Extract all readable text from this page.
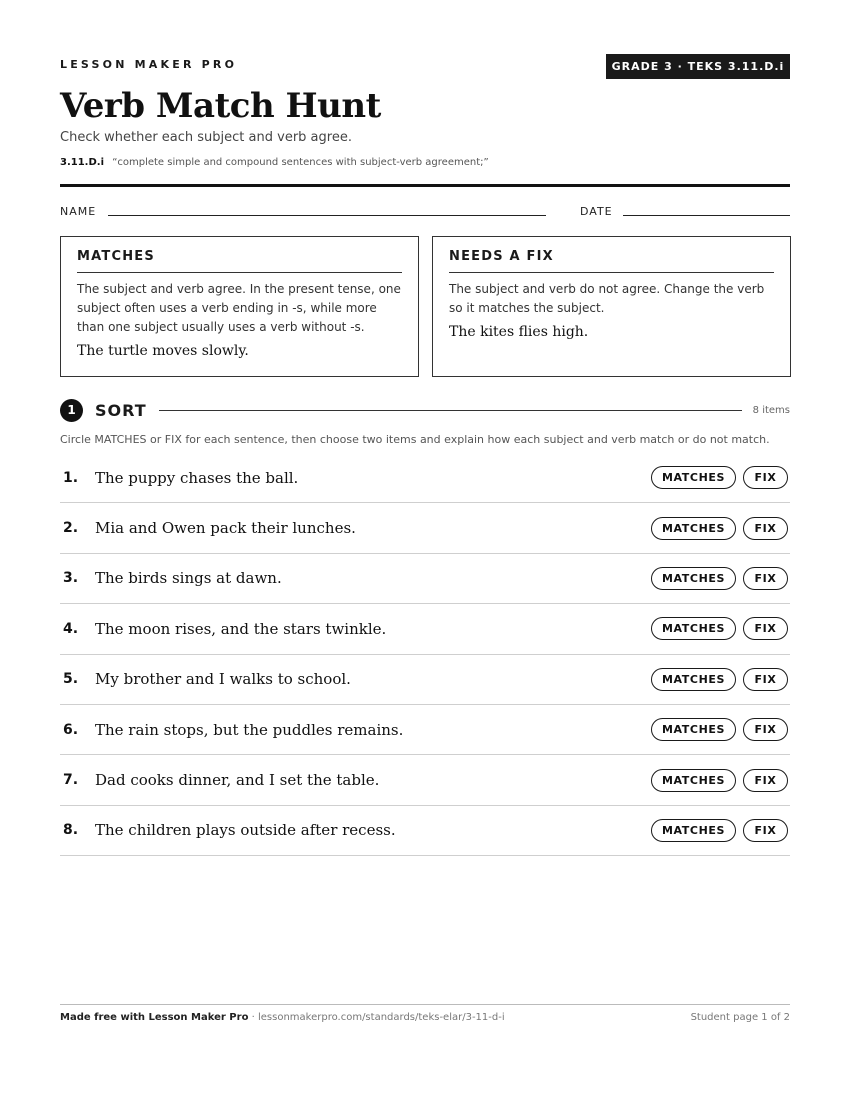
LESSON MAKER PRO	GRADE 3 · TEKS 3.11.D.i
Verb Match Hunt
Check whether each subject and verb agree.
3.11.D.i “complete simple and compound sentences with subject-verb agreement;”
NAME	DATE
MATCHES

The subject and verb agree. In the present tense, one subject often uses a verb ending in -s, while more than one subject usually uses a verb without -s.

The turtle moves slowly.

NEEDS A FIX

The subject and verb do not agree. Change the verb so it matches the subject.

The kites flies high.

1	SORT	8 items
Circle MATCHES or FIX for each sentence, then choose two items and explain how each subject and verb match or do not match.
1.	The puppy chases the ball.	MATCHES	FIX
2.	Mia and Owen pack their lunches.	MATCHES	FIX
3.	The birds sings at dawn.	MATCHES	FIX
4.	The moon rises, and the stars twinkle.	MATCHES	FIX
5.	My brother and I walks to school.	MATCHES	FIX
6.	The rain stops, but the puddles remains.	MATCHES	FIX
7.	Dad cooks dinner, and I set the table.	MATCHES	FIX
8.	The children plays outside after recess.	MATCHES	FIX
Made free with Lesson Maker Pro · lessonmakerpro.com/standards/teks-elar/3-11-d-i	Student page 1 of 2
